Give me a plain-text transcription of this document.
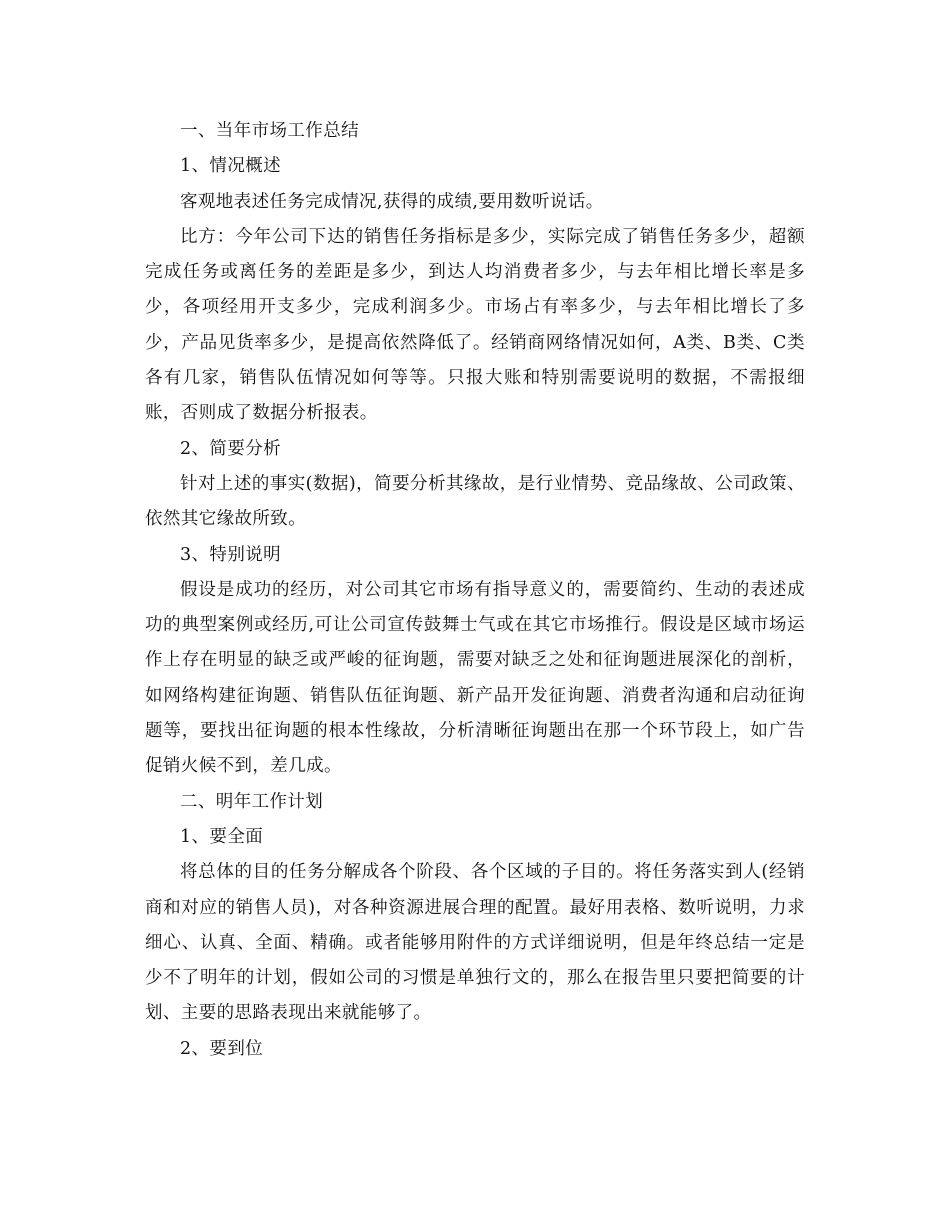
一、当年市场工作总结

1、情况概述

客观地表述任务完成情况,获得的成绩,要用数听说话。

比方：今年公司下达的销售任务指标是多少，实际完成了销售任务多少，超额完成任务或离任务的差距是多少，到达人均消费者多少，与去年相比增长率是多少，各项经用开支多少，完成利润多少。市场占有率多少，与去年相比增长了多少，产品见货率多少，是提高依然降低了。经销商网络情况如何，A类、B类、C类各有几家，销售队伍情况如何等等。只报大账和特别需要说明的数据，不需报细账，否则成了数据分析报表。

2、简要分析

针对上述的事实(数据)，简要分析其缘故，是行业情势、竞品缘故、公司政策、依然其它缘故所致。

3、特别说明

假设是成功的经历，对公司其它市场有指导意义的，需要简约、生动的表述成功的典型案例或经历,可让公司宣传鼓舞士气或在其它市场推行。假设是区域市场运作上存在明显的缺乏或严峻的征询题，需要对缺乏之处和征询题进展深化的剖析，如网络构建征询题、销售队伍征询题、新产品开发征询题、消费者沟通和启动征询题等，要找出征询题的根本性缘故，分析清晰征询题出在那一个环节段上，如广告促销火候不到，差几成。

二、明年工作计划

1、要全面

将总体的目的任务分解成各个阶段、各个区域的子目的。将任务落实到人(经销商和对应的销售人员)，对各种资源进展合理的配置。最好用表格、数听说明，力求细心、认真、全面、精确。或者能够用附件的方式详细说明，但是年终总结一定是少不了明年的计划，假如公司的习惯是单独行文的，那么在报告里只要把简要的计划、主要的思路表现出来就能够了。

2、要到位
